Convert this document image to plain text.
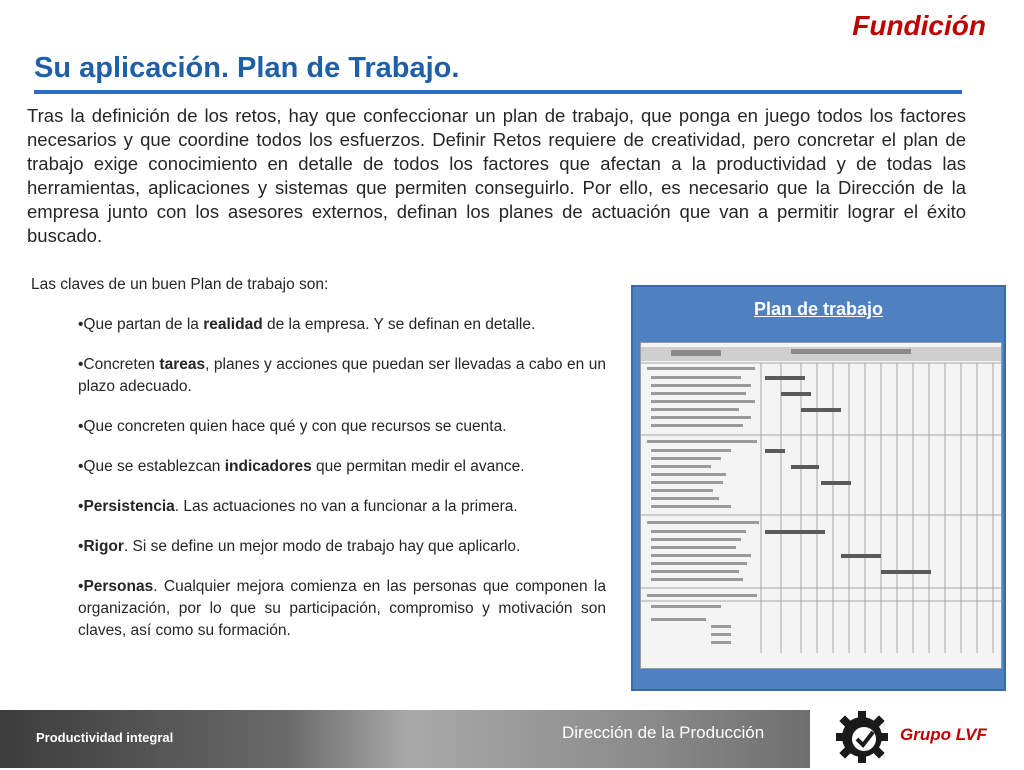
Fundición
Su aplicación. Plan de Trabajo.
Tras la definición de los retos, hay que confeccionar un plan de trabajo, que ponga en juego todos los factores necesarios y que coordine todos los esfuerzos. Definir Retos requiere de creatividad, pero concretar el plan de trabajo exige conocimiento en detalle de todos los factores que afectan a la productividad y de todas las herramientas, aplicaciones y sistemas que permiten conseguirlo. Por ello, es necesario que la Dirección de la empresa junto con los asesores externos, definan los planes de actuación que van a permitir lograr el éxito buscado.
Las claves de un buen Plan de trabajo son:
•Que partan de la realidad de la empresa. Y se definan en detalle.
•Concreten tareas, planes y acciones que puedan ser llevadas a cabo en un plazo adecuado.
•Que concreten quien hace qué y con que recursos se cuenta.
•Que se establezcan indicadores que permitan medir el avance.
•Persistencia. Las actuaciones no van a funcionar a la primera.
•Rigor. Si se define un mejor modo de trabajo hay que aplicarlo.
•Personas. Cualquier mejora comienza en las personas que componen la organización, por lo que su participación, compromiso y motivación son claves, así como su formación.
Plan de trabajo
Productividad integral	Dirección de la Producción	Grupo LVF
